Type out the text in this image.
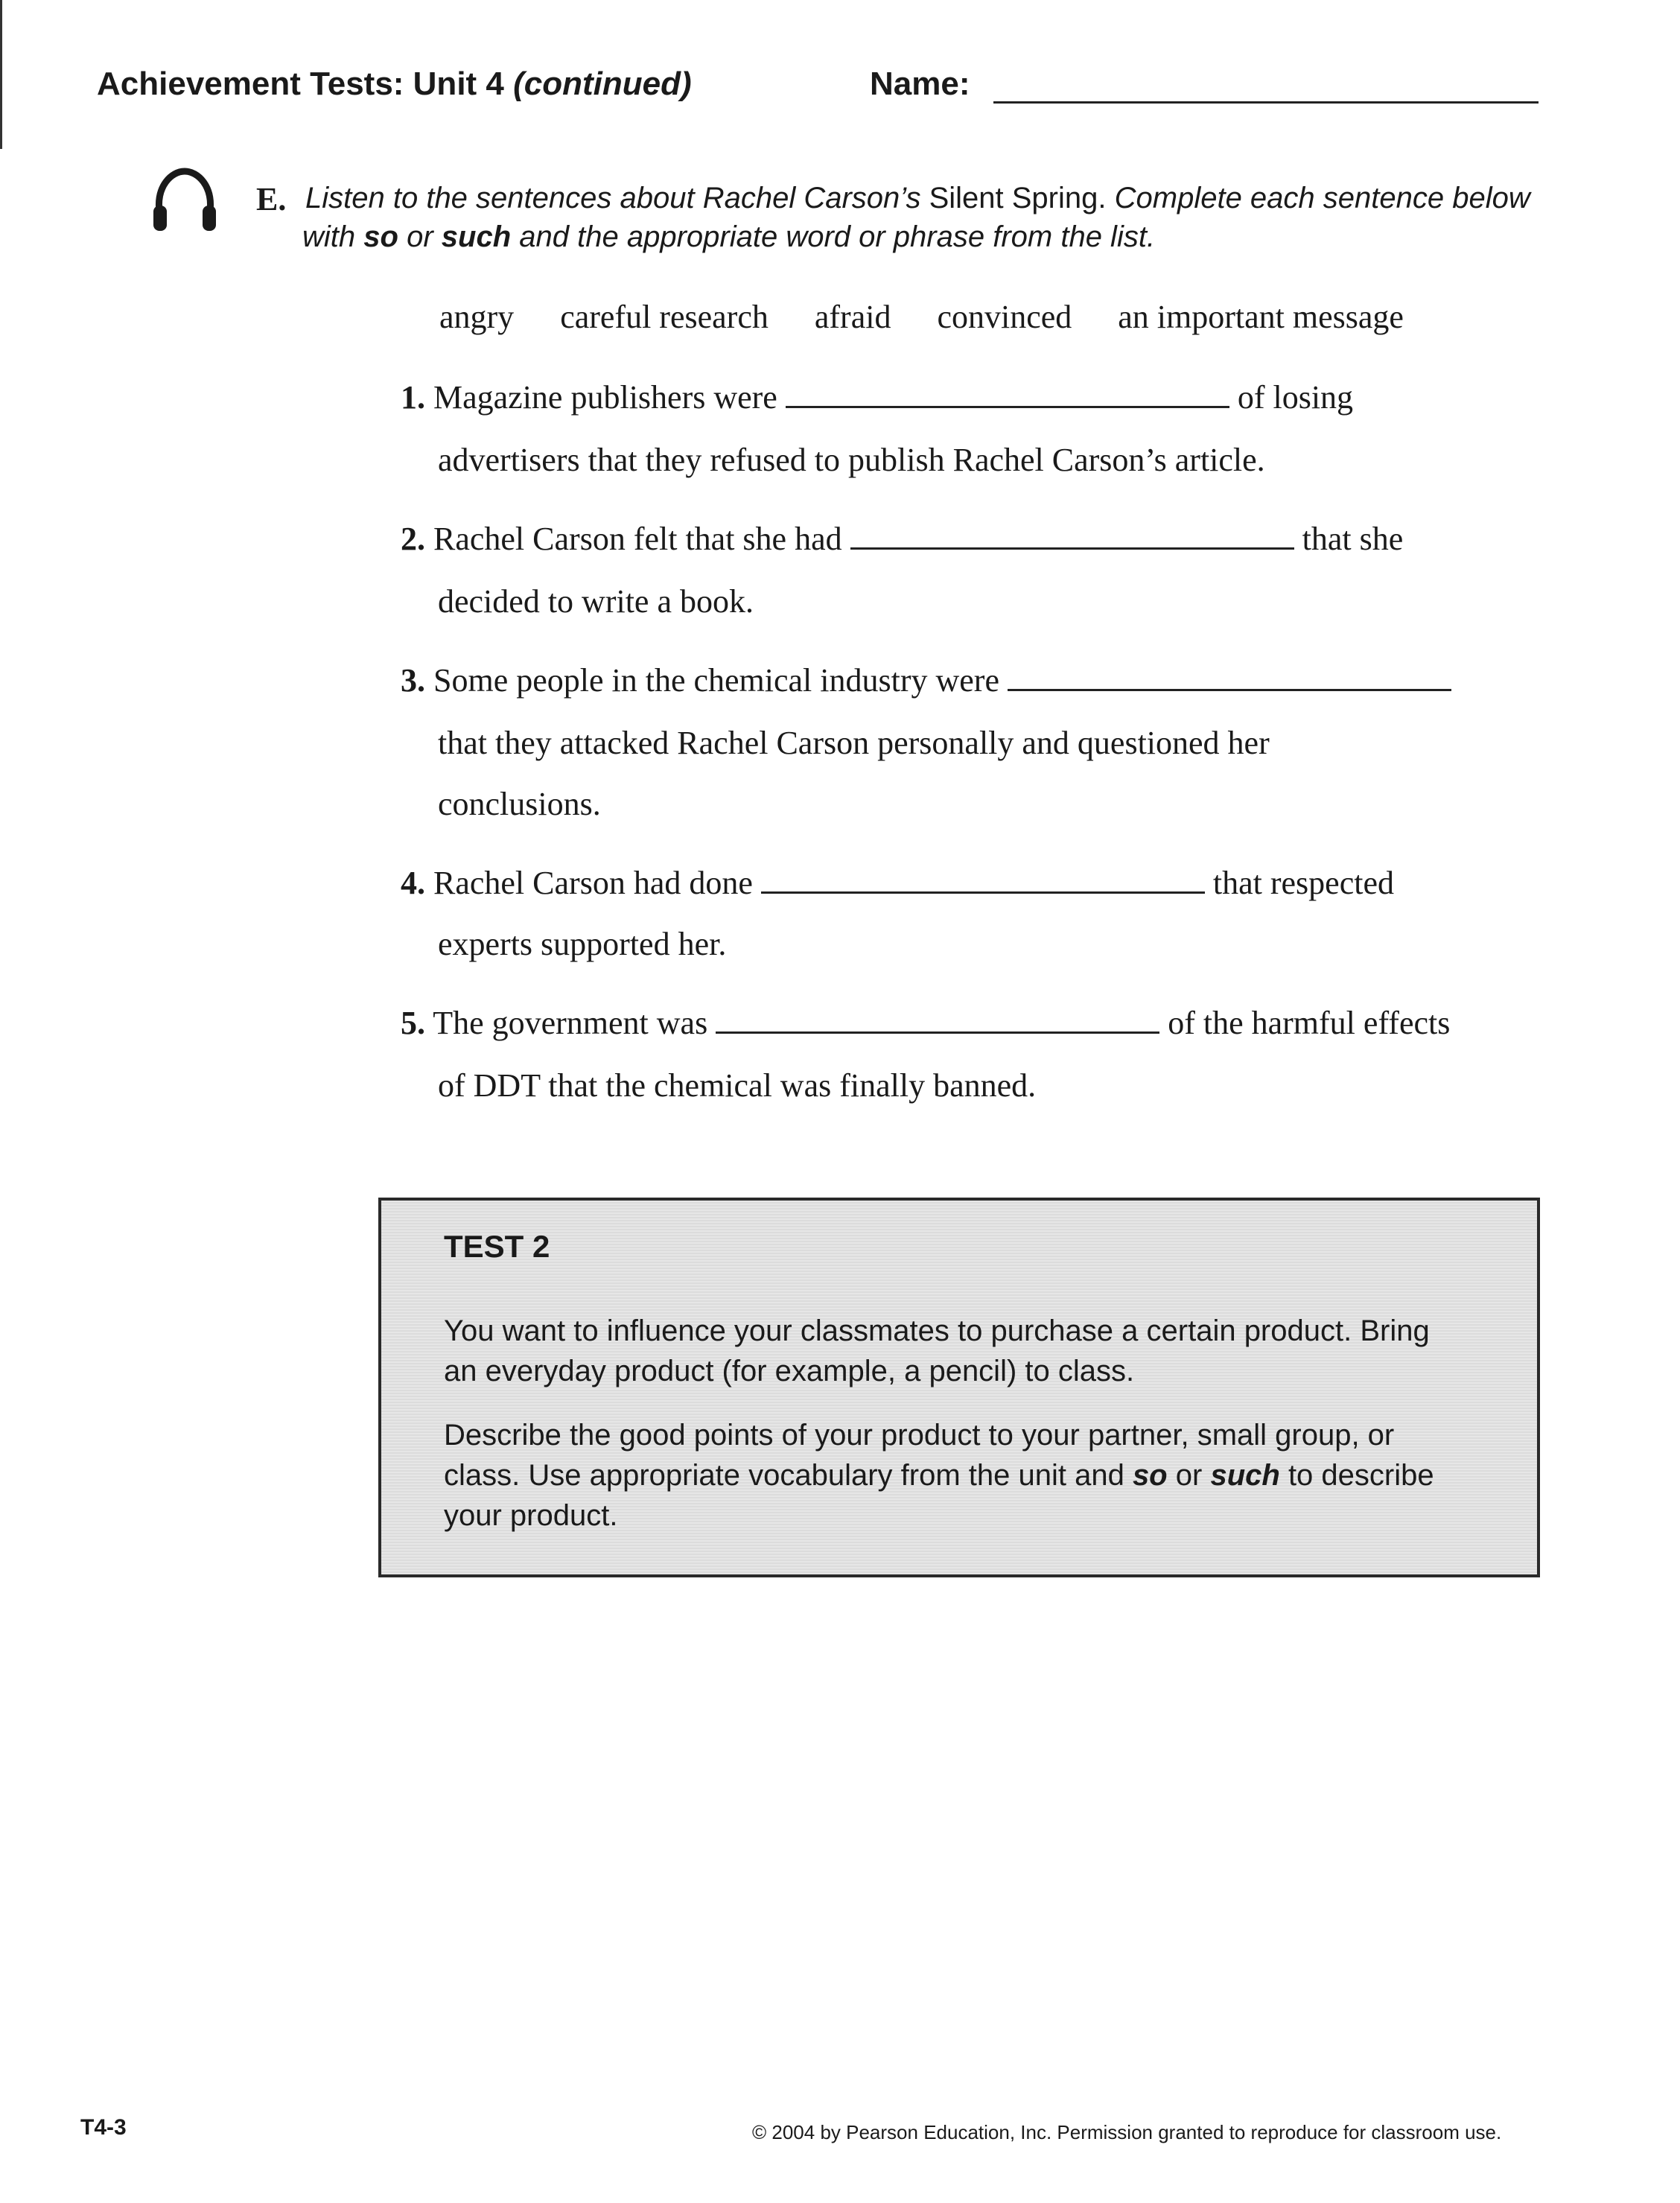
Achievement Tests: Unit 4 (continued)	Name:
E. Listen to the sentences about Rachel Carson’s Silent Spring. Complete each sentence below
with so or such and the appropriate word or phrase from the list.
angry careful research afraid convinced an important message
1. Magazine publishers were	of losing
advertisers that they refused to publish Rachel Carson’s article.
2. Rachel Carson felt that she had	that she
decided to write a book.
3. Some people in the chemical industry were
that they attacked Rachel Carson personally and questioned her
conclusions.
4. Rachel Carson had done	that respected
experts supported her.
5. The government was	of the harmful effects
of DDT that the chemical was finally banned.
TEST 2
You want to influence your classmates to purchase a certain product. Bring
an everyday product (for example, a pencil) to class.
Describe the good points of your product to your partner, small group, or
class. Use appropriate vocabulary from the unit and so or such to describe
your product.
T4-3	© 2004 by Pearson Education, Inc. Permission granted to reproduce for classroom use.
